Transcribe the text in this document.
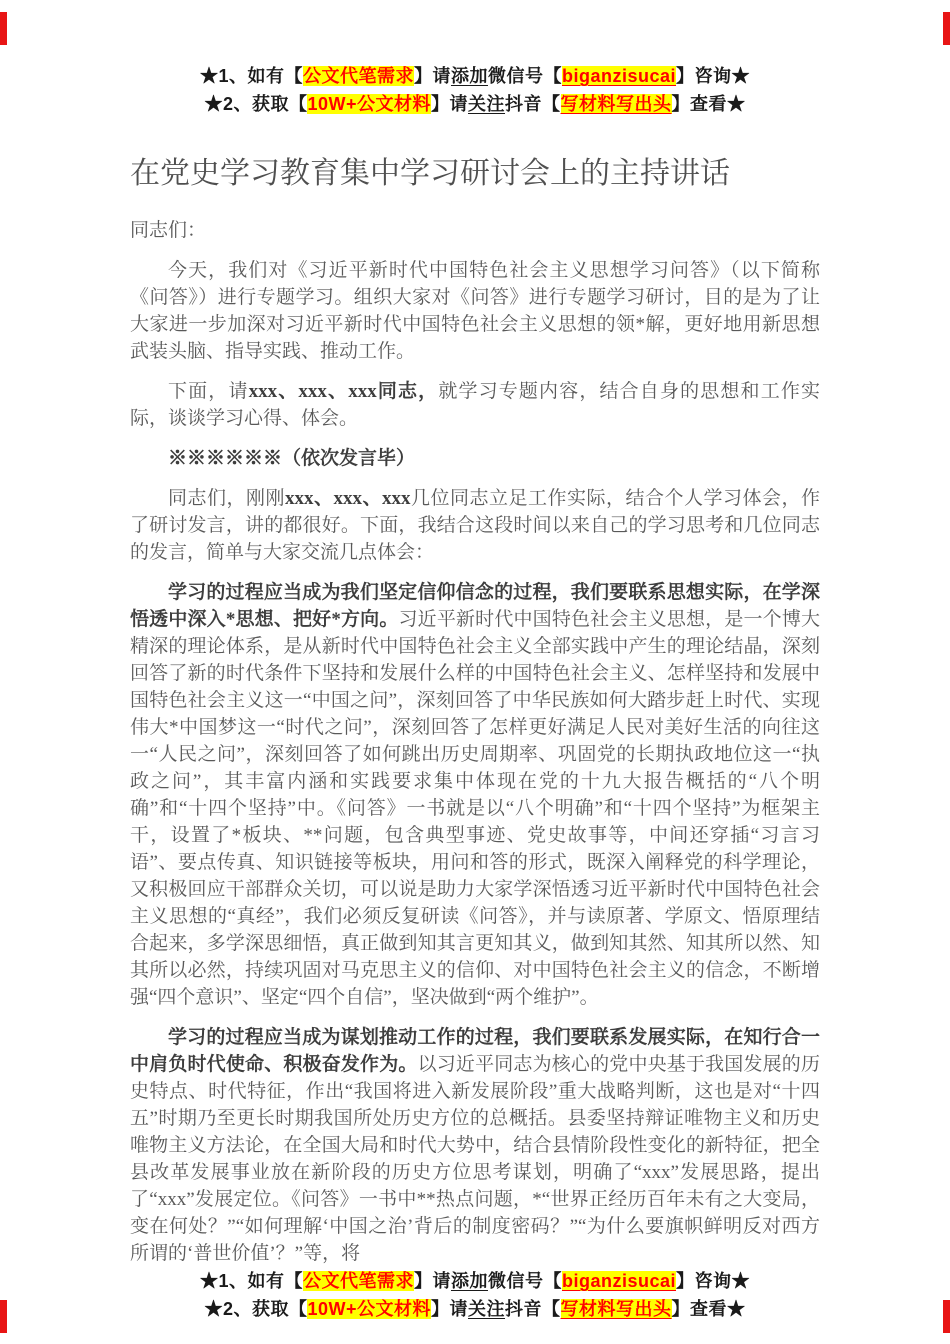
★1、如有【公文代笔需求】请添加微信号【biganzisucai】咨询★
★2、获取【10W+公文材料】请关注抖音【写材料写出头】查看★
在党史学习教育集中学习研讨会上的主持讲话

同志们：

今天，我们对《习近平新时代中国特色社会主义思想学习问答》（以下简称《问答》）进行专题学习。组织大家对《问答》进行专题学习研讨，目的是为了让大家进一步加深对习近平新时代中国特色社会主义思想的领*解，更好地用新思想武装头脑、指导实践、推动工作。

下面，请xxx、xxx、xxx同志，就学习专题内容，结合自身的思想和工作实际，谈谈学习心得、体会。

※※※※※※（依次发言毕）

同志们，刚刚xxx、xxx、xxx几位同志立足工作实际，结合个人学习体会，作了研讨发言，讲的都很好。下面，我结合这段时间以来自己的学习思考和几位同志的发言，简单与大家交流几点体会：

学习的过程应当成为我们坚定信仰信念的过程，我们要联系思想实际，在学深悟透中深入*思想、把好*方向。习近平新时代中国特色社会主义思想，是一个博大精深的理论体系，是从新时代中国特色社会主义全部实践中产生的理论结晶，深刻回答了新的时代条件下坚持和发展什么样的中国特色社会主义、怎样坚持和发展中国特色社会主义这一“中国之问”，深刻回答了中华民族如何大踏步赶上时代、实现伟大*中国梦这一“时代之问”，深刻回答了怎样更好满足人民对美好生活的向往这一“人民之问”，深刻回答了如何跳出历史周期率、巩固党的长期执政地位这一“执政之问”，其丰富内涵和实践要求集中体现在党的十九大报告概括的“八个明确”和“十四个坚持”中。《问答》一书就是以“八个明确”和“十四个坚持”为框架主干，设置了*板块、**问题，包含典型事迹、党史故事等，中间还穿插“习言习语”、要点传真、知识链接等板块，用问和答的形式，既深入阐释党的科学理论，又积极回应干部群众关切，可以说是助力大家学深悟透习近平新时代中国特色社会主义思想的“真经”，我们必须反复研读《问答》，并与读原著、学原文、悟原理结合起来，多学深思细悟，真正做到知其言更知其义，做到知其然、知其所以然、知其所以必然，持续巩固对马克思主义的信仰、对中国特色社会主义的信念，不断增强“四个意识”、坚定“四个自信”，坚决做到“两个维护”。

学习的过程应当成为谋划推动工作的过程，我们要联系发展实际，在知行合一中肩负时代使命、积极奋发作为。以习近平同志为核心的党中央基于我国发展的历史特点、时代特征，作出“我国将进入新发展阶段”重大战略判断，这也是对“十四五”时期乃至更长时期我国所处历史方位的总概括。县委坚持辩证唯物主义和历史唯物主义方法论，在全国大局和时代大势中，结合县情阶段性变化的新特征，把全县改革发展事业放在新阶段的历史方位思考谋划，明确了“xxx”发展思路，提出了“xxx”发展定位。《问答》一书中**热点问题，*“世界正经历百年未有之大变局，变在何处？”“如何理解‘中国之治’背后的制度密码？”“为什么要旗帜鲜明反对西方所谓的‘普世价值’？”等，将

★1、如有【公文代笔需求】请添加微信号【biganzisucai】咨询★
★2、获取【10W+公文材料】请关注抖音【写材料写出头】查看★
